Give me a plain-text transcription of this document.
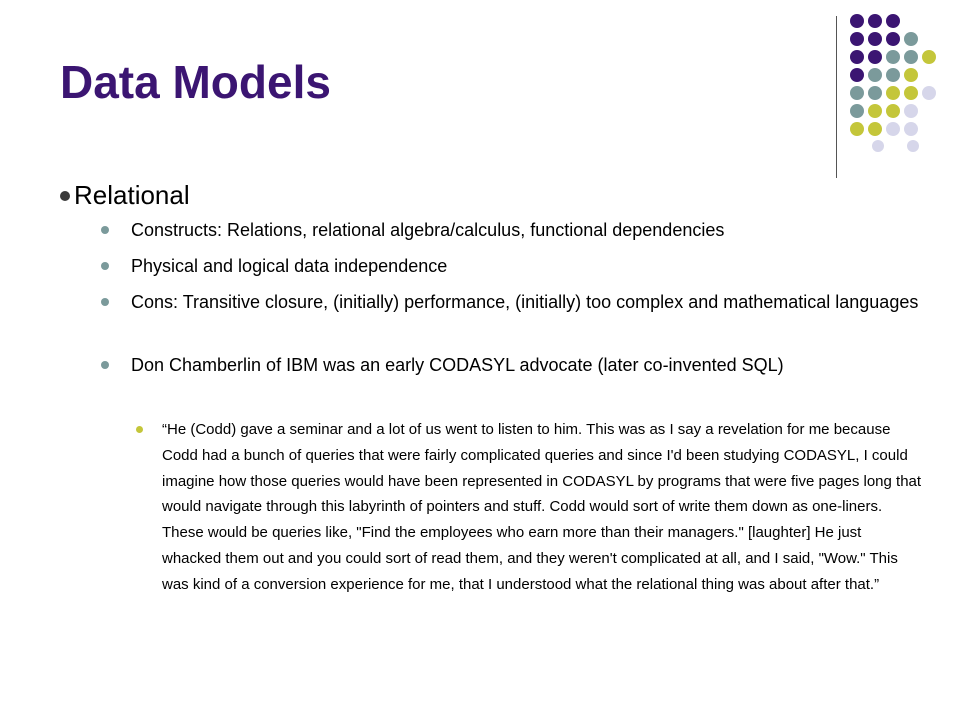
Data Models
Relational
Constructs: Relations, relational algebra/calculus, functional dependencies
Physical and logical data independence
Cons: Transitive closure, (initially) performance, (initially) too complex and mathematical languages
Don Chamberlin of IBM was an early CODASYL advocate (later co-invented SQL)
“He (Codd) gave a seminar and a lot of us went to listen to him. This was as I say a revelation for me because Codd had a bunch of queries that were fairly complicated queries and since I'd been studying CODASYL, I could imagine how those queries would have been represented in CODASYL by programs that were five pages long that would navigate through this labyrinth of pointers and stuff. Codd would sort of write them down as one-liners. These would be queries like, "Find the employees who earn more than their managers." [laughter] He just whacked them out and you could sort of read them, and they weren't complicated at all, and I said, "Wow." This was kind of a conversion experience for me, that I understood what the relational thing was about after that.”
